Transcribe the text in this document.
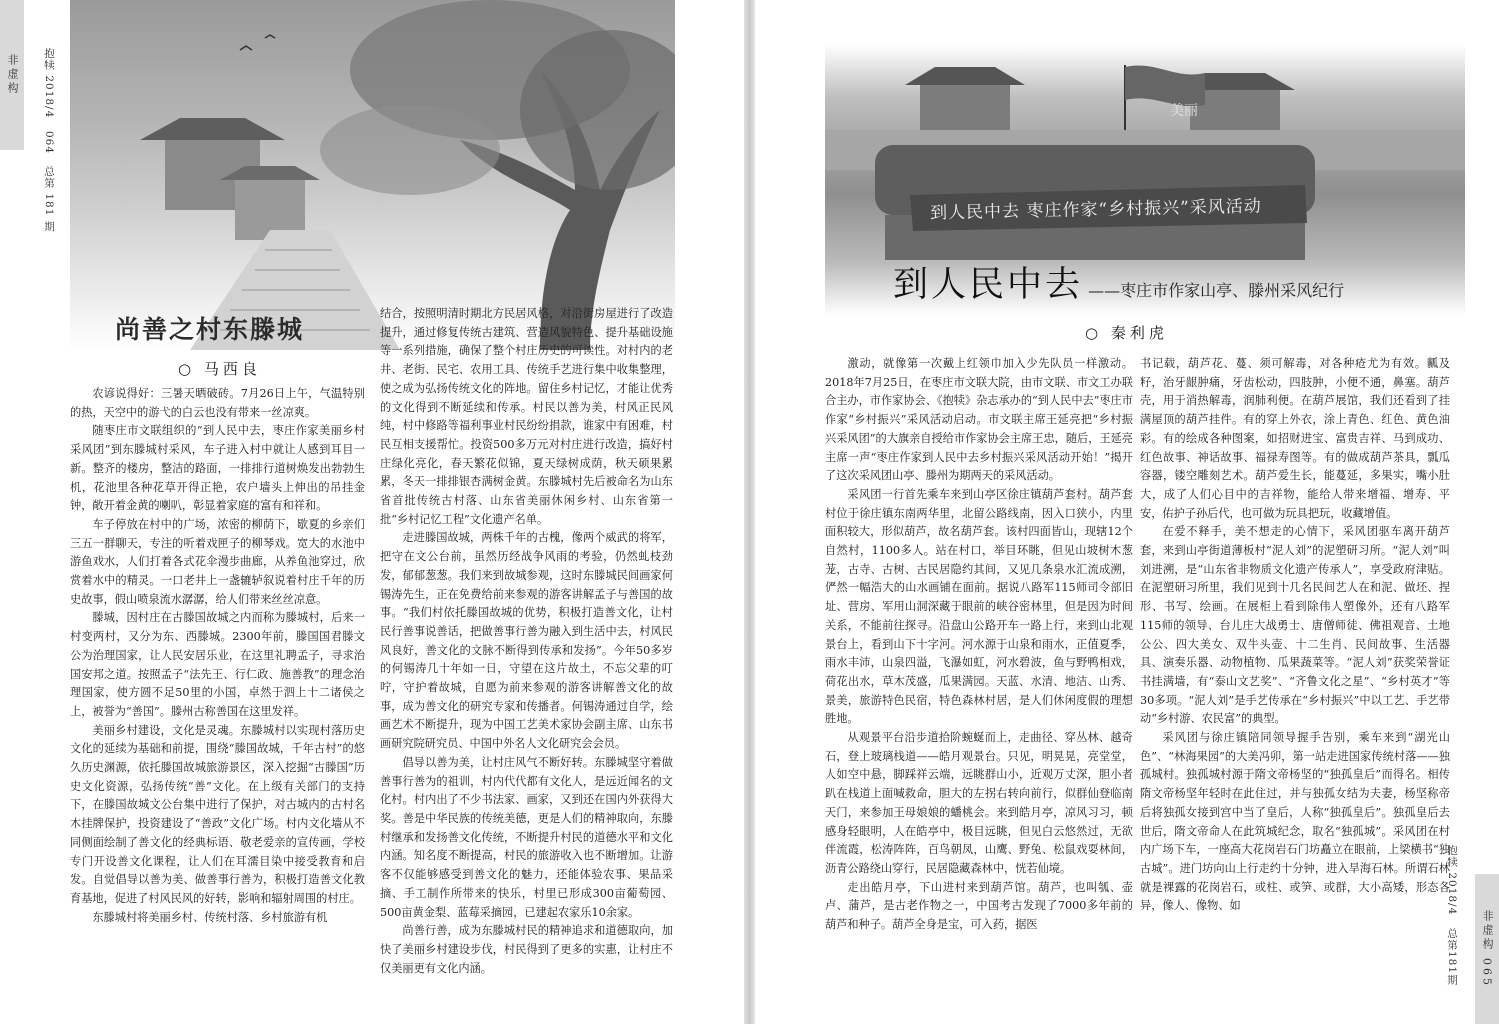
非虚构 抱犊 2018/4 064 总第 181 期
尚善之村东滕城
○ 马西良

农谚说得好：三暑天晒破砖。7月26日上午，气温特别的热，天空中的游弋的白云也没有带来一丝凉爽。

随枣庄市文联组织的“到人民中去，枣庄作家美丽乡村采风团”到东滕城村采风，车子进入村中就让人感到耳目一新。整齐的楼房，整洁的路面，一排排行道树焕发出勃勃生机，花池里各种花草开得正艳，农户墙头上伸出的吊挂金钟，敞开着金黄的喇叭，彰显着家庭的富有和祥和。

车子停放在村中的广场，浓密的柳荫下，歇夏的乡亲们三五一群聊天，专注的听着戏匣子的柳琴戏。宽大的水池中游鱼戏水，人们打着各式花伞漫步曲廊，从养鱼池穿过，欣赏着水中的精灵。一口老井上一盏辘轳叙说着村庄千年的历史故事，假山喷泉流水潺潺，给人们带来丝丝凉意。

滕城，因村庄在古滕国故城之内而称为滕城村，后来一村变两村，又分为东、西滕城。2300年前，滕国国君滕文公为治理国家，让人民安居乐业，在这里礼聘孟子，寻求治国安邦之道。按照孟子“法先王、行仁政、施善教”的理念治理国家，使方圆不足50里的小国，卓然于泗上十二诸侯之上，被誉为“善国”。滕州古称善国在这里发祥。

美丽乡村建设，文化是灵魂。东滕城村以实现村落历史文化的延续为基础和前提，围绕“滕国故城，千年古村”的悠久历史渊源，依托滕国故城旅游景区，深入挖掘“古滕国”历史文化资源，弘扬传统“善”文化。在上级有关部门的支持下，在滕国故城文公台集中进行了保护，对古城内的古村名木挂牌保护，投资建设了“善政”文化广场。村内文化墙从不同侧面绘制了善文化的经典标语、敬老爱亲的宣传画，学校专门开设善文化课程，让人们在耳濡目染中接受教育和启发。自觉倡导以善为美、做善事行善为，积极打造善文化教育基地，促进了村风民风的好转，影响和辐射周围的村庄。

东滕城村将美丽乡村、传统村落、乡村旅游有机

结合，按照明清时期北方民居风格，对沿街房屋进行了改造提升，通过修复传统古建筑、营造风貌特色、提升基础设施等一系列措施，确保了整个村庄历史的可读性。对村内的老井、老街、民宅、农用工具、传统手艺进行集中收集整理，使之成为弘扬传统文化的阵地。留住乡村记忆，才能让优秀的文化得到不断延续和传承。村民以善为美，村风正民风纯，村中修路等福利事业村民纷纷捐款，谁家中有困难，村民互相支援帮忙。投资500多万元对村庄进行改造，搞好村庄绿化亮化，春天繁花似锦，夏天绿树成荫，秋天硕果累累，冬天一排排银杏满树金黄。东滕城村先后被命名为山东省首批传统古村落、山东省美丽休闲乡村、山东省第一批“乡村记忆工程”文化遗产名单。

走进滕国故城，两株千年的古槐，像两个威武的将军，把守在文公台前，虽然历经战争风雨的考验，仍然虬枝劲发，郁郁葱葱。我们来到故城参观，这时东滕城民间画家何锡涛先生，正在免费给前来参观的游客讲解孟子与善国的故事。“我们村依托滕国故城的优势，积极打造善文化，让村民行善事说善话，把做善事行善为融入到生活中去，村风民风良好，善文化的文脉不断得到传承和发扬”。今年50多岁的何锡涛几十年如一日，守望在这片故土，不忘父辈的叮咛，守护着故城，自愿为前来参观的游客讲解善文化的故事，成为善文化的研究专家和传播者。何锡涛通过自学，绘画艺术不断提升，现为中国工艺美术家协会副主席、山东书画研究院研究员、中国中外名人文化研究会会员。

倡导以善为美，让村庄风气不断好转。东滕城坚守着做善事行善为的祖训，村内代代都有文化人，是远近闻名的文化村。村内出了不少书法家、画家，又到还在国内外获得大奖。善是中华民族的传统美德，更是人们的精神取向，东滕村继承和发扬善文化传统，不断提升村民的道德水平和文化内涵。知名度不断提高，村民的旅游收入也不断增加。让游客不仅能够感受到善文化的魅力，还能体验农事、果品采摘、手工制作所带来的快乐，村里已形成300亩葡萄园、500亩黄金梨、蓝莓采摘园，已建起农家乐10余家。

尚善行善，成为东滕城村民的精神追求和道德取向，加快了美丽乡村建设步伐，村民得到了更多的实惠，让村庄不仅美丽更有文化内涵。

到人民中去 枣庄作家“乡村振兴”采风活动
美丽
到人民中去 ——枣庄市作家山亭、滕州采风纪行
○ 秦利虎

激动，就像第一次戴上红领巾加入少先队员一样激动。2018年7月25日，在枣庄市文联大院，由市文联、市文工办联合主办，市作家协会、《抱犊》杂志承办的“到人民中去”枣庄市作家“乡村振兴”采风活动启动。市文联主席王延亮把“乡村振兴采风团”的大旗亲自授给市作家协会主席王忠，随后，王延亮主席一声“枣庄作家到人民中去乡村振兴采风活动开始！”揭开了这次采风团山亭、滕州为期两天的采风活动。

采风团一行首先乘车来到山亭区徐庄镇葫芦套村。葫芦套村位于徐庄镇东南两华里，北留公路线南，因入口狭小，内里面积较大，形似葫芦，故名葫芦套。该村四面皆山，现辖12个自然村，1100多人。站在村口，举目环眺，但见山坡树木葱茏，古寺、古树、古民居隐约其间，又见几条泉水汇流成溯，俨然一幅浩大的山水画铺在面前。据说八路军115师司令部旧址、营房、军用山洞深藏于眼前的峡谷密林里，但是因为时间关系，不能前往探寻。沿盘山公路开车一路上行，来到山北观景台上，看到山下十字河。河水源于山泉和雨水，正值夏季，雨水丰沛，山泉四溢，飞瀑如虹，河水碧波，鱼与野鸭相戏，荷花出水，草木茂盛，瓜果满园。天蓝、水清、地洁、山秀、景美，旅游特色民宿，特色森林村居，是人们休闲度假的理想胜地。

从观景平台沿步道拾阶蜿蜒而上，走曲径、穿丛林、越奇石，登上玻璃栈道——皓月观景台。只见，明晃晃，亮堂堂，人如空中悬，脚踩祥云端，远眺群山小，近观万丈深，胆小者趴在栈道上面喊救命，胆大的左拐右转向前行，似群仙登临南天门，来参加王母娘娘的蟠桃会。来到皓月亭，凉风习习，顿感身轻眼明，人在皓亭中，极目远眺，但见白云悠然过，无欲伴流霞，松涛阵阵，百鸟朝凤，山鹰、野兔、松鼠戏耍林间，沥青公路绕山穿行，民居隐藏森林中，恍若仙境。

走出皓月亭，下山进村来到葫芦馆。葫芦，也叫瓠、壶卢、蒲芦，是古老作物之一，中国考古发现了7000多年前的葫芦和种子。葫芦全身是宝，可入药，据医

书记载，葫芦花、蔓、须可解毒，对各种疮尤为有效。瓤及籽，治牙龈肿痛，牙齿松动，四肢肿，小便不通，鼻塞。葫芦壳，用于消热解毒，润肺利便。在葫芦展馆，我们还看到了挂满屋顶的葫芦挂件。有的穿上外衣，涂上青色、红色、黄色油彩。有的绘成各种图案，如招财进宝、富贵吉祥、马到成功、红色故事、神话故事、福禄寿图等。有的做成葫芦茶具，瓢瓜容器，镂空雕刻艺术。葫芦爱生长，能蔓延，多果实，嘴小肚大，成了人们心目中的吉祥物，能给人带来增福、增寿、平安，佑护子孙后代，也可做为玩具把玩，收藏增值。

在爱不释手，美不想走的心情下，采风团驱车离开葫芦套，来到山亭街道薄板村“泥人刘”的泥塑研习所。“泥人刘”叫刘进溯，是“山东省非物质文化遗产传承人”，享受政府津贴。在泥塑研习所里，我们见到十几名民间艺人在和泥、做坯、捏形、书写、绘画。在展柜上看到除伟人塑像外，还有八路军115师的领导、台儿庄大战勇士、唐僧师徒、佛祖观音、土地公公、四大美女、双牛头壶、十二生肖、民间故事、生活器具、演奏乐器、动物植物、瓜果蔬菜等。“泥人刘”获奖荣誉证书挂满墙，有“泰山文艺奖”、“齐鲁文化之星”、“乡村英才”等30多项。“泥人刘”是手艺传承在“乡村振兴”中以工艺、手艺带动“乡村游、农民富”的典型。

采风团与徐庄镇陪同领导握手告别，乘车来到“湖光山色”、“林海果园”的大美冯卯，第一站走进国家传统村落——独孤城村。独孤城村源于隋文帝杨坚的“独孤皇后”而得名。相传隋文帝杨坚年轻时在此住过，并与独孤女结为夫妻，杨坚称帝后将独孤女接到宫中当了皇后，人称“独孤皇后”。独孤皇后去世后，隋文帝命人在此筑城纪念，取名“独孤城”。采风团在村内广场下车，一座高大花岗岩石门坊矗立在眼前，上梁横书“独古城”。进门坊向山上行走约十分钟，进入旱海石林。所谓石林就是裸露的花岗岩石，或柱、或笋、或群，大小高矮，形态各异，像人、像物、如	抱犊 2018/4 总第181期 非虚构
065
